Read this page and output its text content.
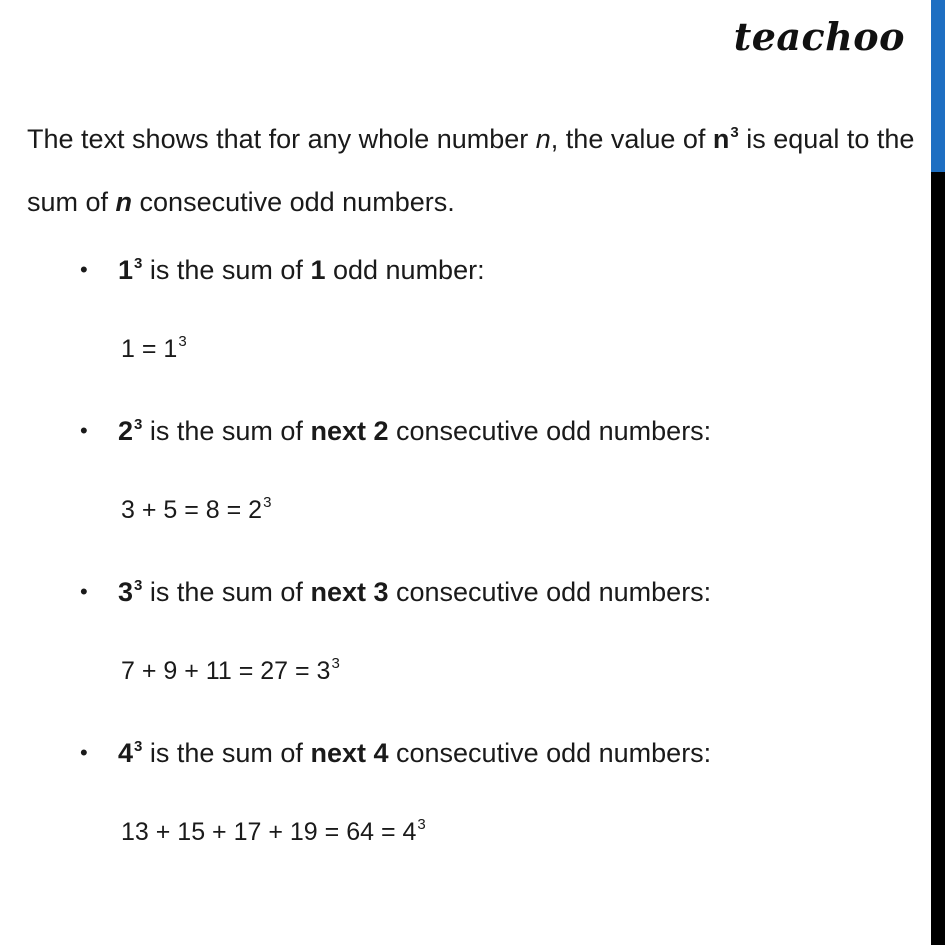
teachoo
The text shows that for any whole number n, the value of $n^3$ is equal to the sum of n consecutive odd numbers.
• $1^3$ is the sum of 1 odd number:
$1 = 1^3$
• $2^3$ is the sum of next 2 consecutive odd numbers:
$3 + 5 = 8 = 2^3$
• $3^3$ is the sum of next 3 consecutive odd numbers:
$7 + 9 + 11 = 27 = 3^3$
• $4^3$ is the sum of next 4 consecutive odd numbers:
$13 + 15 + 17 + 19 = 64 = 4^3$
